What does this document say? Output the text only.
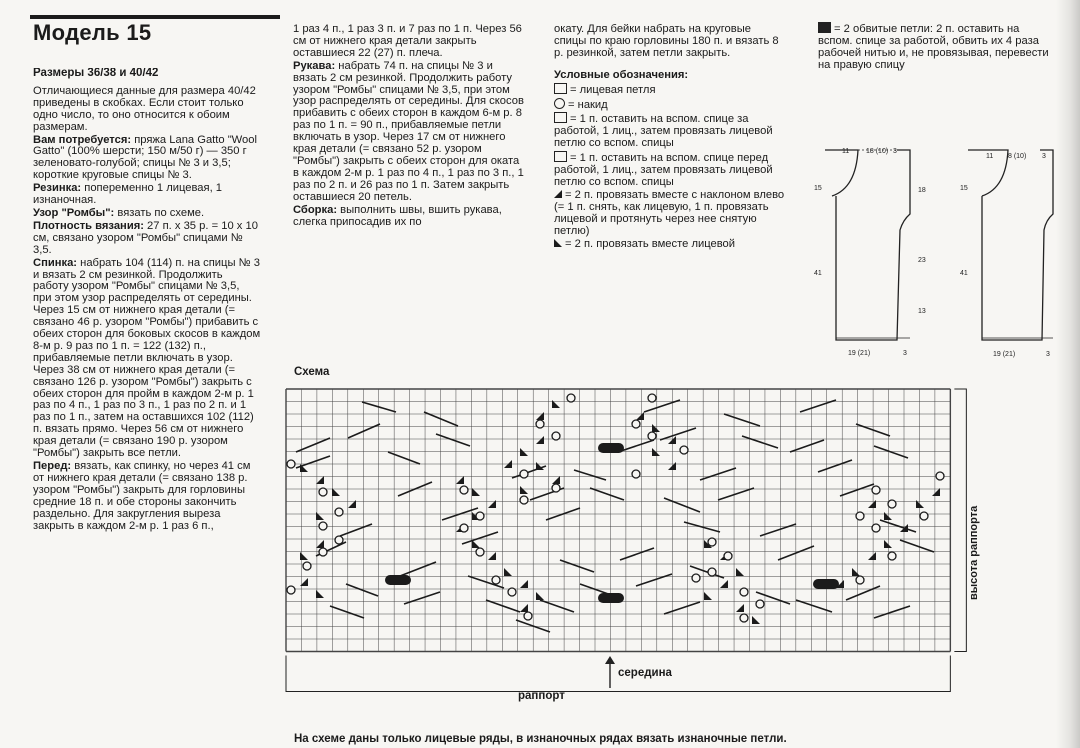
Модель 15

Размеры 36/38 и 40/42

Отличающиеся данные для размера 40/42 приведены в скобках. Если стоит только одно число, то оно относится к обоим размерам.

Вам потребуется: пряжа Lana Gatto "Wool Gatto" (100% шерсти; 150 м/50 г) — 350 г зеленовато-голубой; спицы № 3 и 3,5; короткие круговые спицы № 3.

Резинка: попеременно 1 лицевая, 1 изнаночная.

Узор "Ромбы": вязать по схеме.

Плотность вязания: 27 п. x 35 р. = 10 x 10 см, связано узором "Ромбы" спицами № 3,5.

Спинка: набрать 104 (114) п. на спицы № 3 и вязать 2 см резинкой. Продолжить работу узором "Ромбы" спицами № 3,5, при этом узор распределять от середины. Через 15 см от нижнего края детали (= связано 46 р. узором "Ромбы") прибавить с обеих сторон для боковых скосов в каждом 8-м р. 9 раз по 1 п. = 122 (132) п., прибавляемые петли включать в узор. Через 38 см от нижнего края детали (= связано 126 р. узором "Ромбы") закрыть с обеих сторон для пройм в каждом 2-м р. 1 раз по 4 п., 1 раз по 3 п., 1 раз по 2 п. и 1 раз по 1 п., затем на оставшихся 102 (112) п. вязать прямо. Через 56 см от нижнего края детали (= связано 190 р. узором "Ромбы") закрыть все петли.

Перед: вязать, как спинку, но через 41 см от нижнего края детали (= связано 138 р. узором "Ромбы") закрыть для горловины средние 18 п. и обе стороны закончить раздельно. Для закругления выреза закрыть в каждом 2-м р. 1 раз 6 п.,

1 раз 4 п., 1 раз 3 п. и 7 раз по 1 п. Через 56 см от нижнего края детали закрыть оставшиеся 22 (27) п. плеча.

Рукава: набрать 74 п. на спицы № 3 и вязать 2 см резинкой. Продолжить работу узором "Ромбы" спицами № 3,5, при этом узор распределять от середины. Для скосов прибавить с обеих сторон в каждом 6-м р. 8 раз по 1 п. = 90 п., прибавляемые петли включать в узор. Через 17 см от нижнего края детали (= связано 52 р. узором "Ромбы") закрыть с обеих сторон для оката в каждом 2-м р. 1 раз по 4 п., 1 раз по 3 п., 1 раз по 2 п. и 26 раз по 1 п. Затем закрыть оставшиеся 20 петель.

Сборка: выполнить швы, вшить рукава, слегка припосадив их по

окату. Для бейки набрать на круговые спицы по краю горловины 180 п. и вязать 8 р. резинкой, затем петли закрыть.

Условные обозначения:

= лицевая петля

= накид

= 1 п. оставить на вспом. спице за работой, 1 лиц., затем провязать лицевой петлю со вспом. спицы

= 1 п. оставить на вспом. спице перед работой, 1 лиц., затем провязать лицевой петлю со вспом. спицы

= 2 п. провязать вместе с наклоном влево (= 1 п. снять, как лицевую, 1 п. провязать лицевой и протянуть через нее снятую петлю)

= 2 п. провязать вместе лицевой

= 2 обвитые петли: 2 п. оставить на вспом. спице за работой, обвить их 4 раза рабочей нитью и, не провязывая, перевести на правую спицу

11 18 (10) 3
15	18
41
23
13
19 (21)	3
11 8 (10) 3
15
41
19 (21)	3
Схема
высота раппорта
середина
раппорт
На схеме даны только лицевые ряды, в изнаночных рядах вязать изнаночные петли.
